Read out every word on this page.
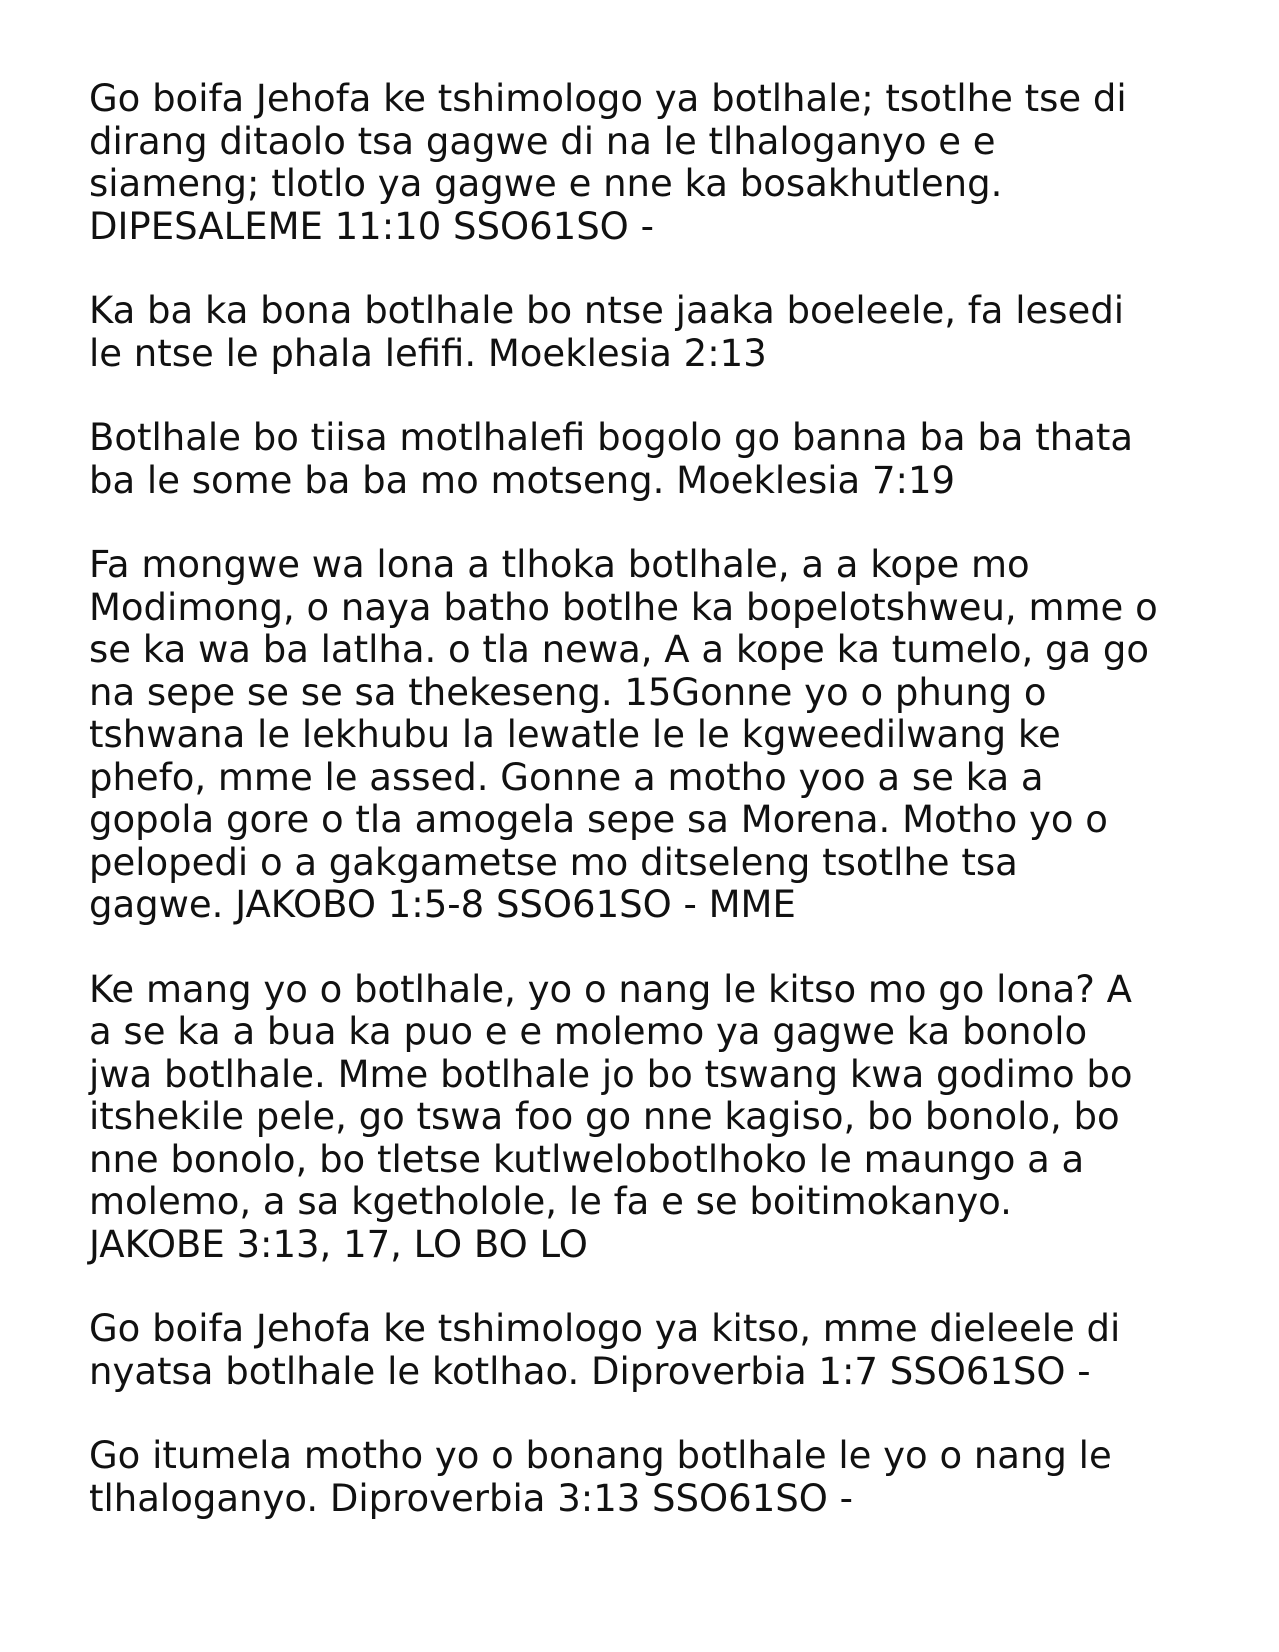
Go boifa Jehofa ke tshimologo ya botlhale; tsotlhe tse di
dirang ditaolo tsa gagwe di na le tlhaloganyo e e
siameng; tlotlo ya gagwe e nne ka bosakhutleng.
DIPESALEME 11:10 SSO61SO -

Ka ba ka bona botlhale bo ntse jaaka boeleele, fa lesedi
le ntse le phala lefifi. Moeklesia 2:13

Botlhale bo tiisa motlhalefi bogolo go banna ba ba thata
ba le some ba ba mo motseng. Moeklesia 7:19

Fa mongwe wa lona a tlhoka botlhale, a a kope mo
Modimong, o naya batho botlhe ka bopelotshweu, mme o
se ka wa ba latlha. o tla newa, A a kope ka tumelo, ga go
na sepe se se sa thekeseng. 15Gonne yo o phung o
tshwana le lekhubu la lewatle le le kgweedilwang ke
phefo, mme le assed. Gonne a motho yoo a se ka a
gopola gore o tla amogela sepe sa Morena. Motho yo o
pelopedi o a gakgametse mo ditseleng tsotlhe tsa
gagwe. JAKOBO 1:5-8 SSO61SO - MME

Ke mang yo o botlhale, yo o nang le kitso mo go lona? A
a se ka a bua ka puo e e molemo ya gagwe ka bonolo
jwa botlhale. Mme botlhale jo bo tswang kwa godimo bo
itshekile pele, go tswa foo go nne kagiso, bo bonolo, bo
nne bonolo, bo tletse kutlwelobotlhoko le maungo a a
molemo, a sa kgetholole, le fa e se boitimokanyo.
JAKOBE 3:13, 17, LO BO LO

Go boifa Jehofa ke tshimologo ya kitso, mme dieleele di
nyatsa botlhale le kotlhao. Diproverbia 1:7 SSO61SO -

Go itumela motho yo o bonang botlhale le yo o nang le
tlhaloganyo. Diproverbia 3:13 SSO61SO -
